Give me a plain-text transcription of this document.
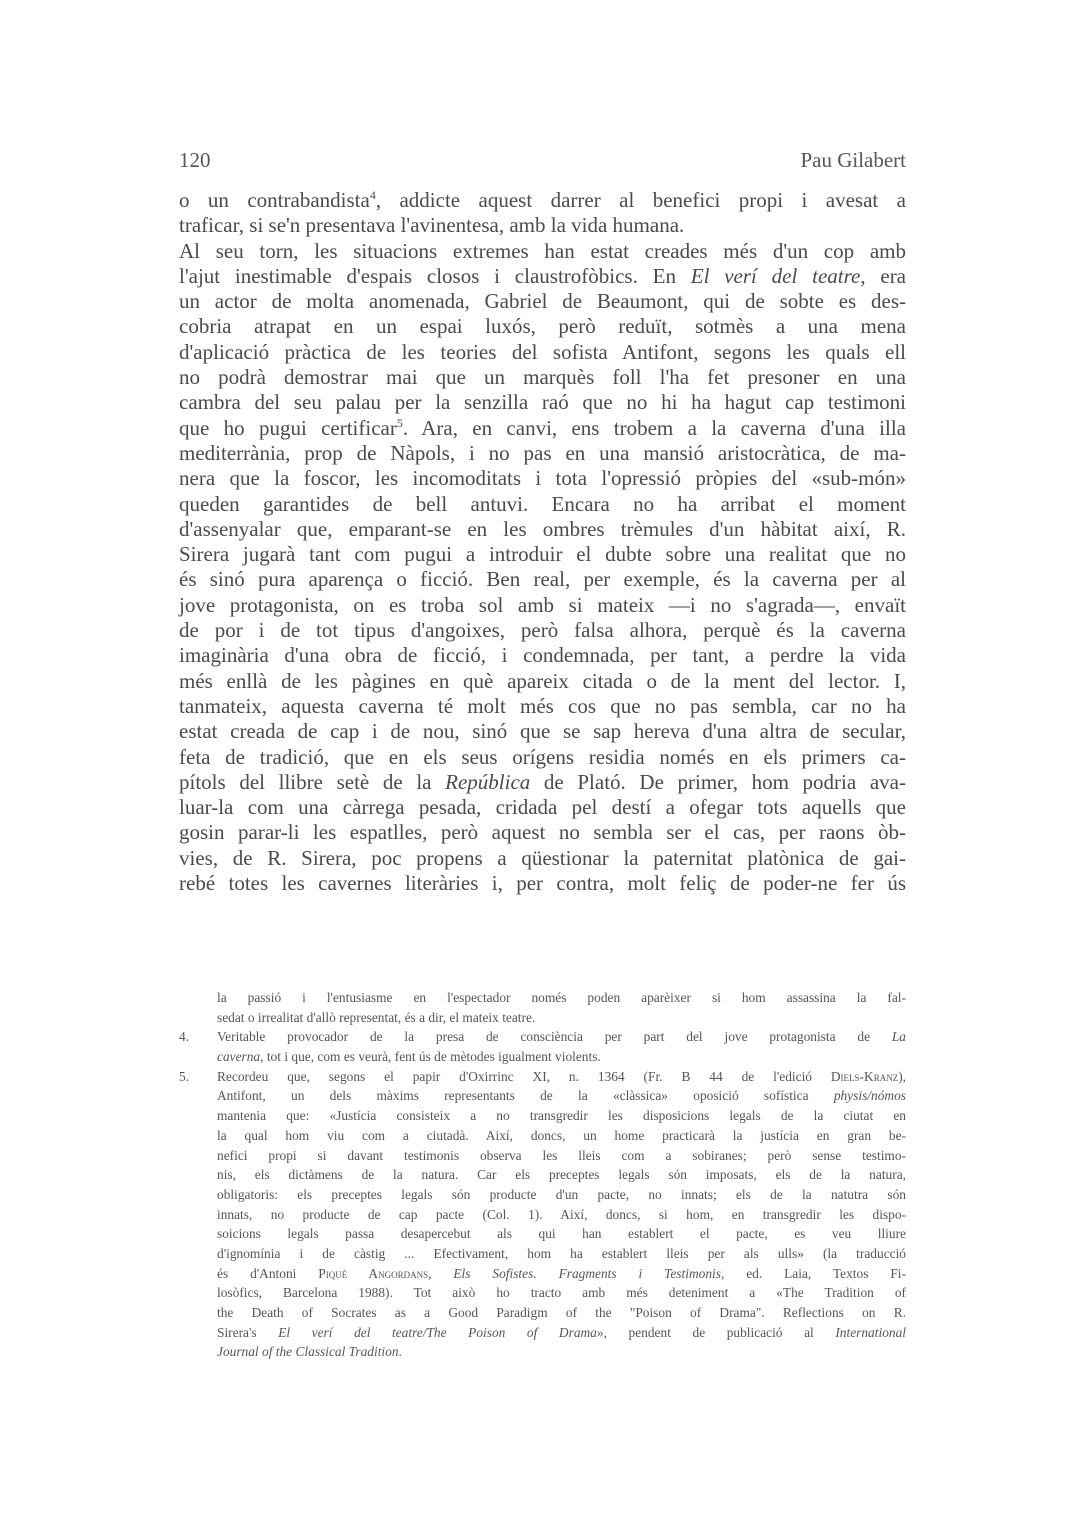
120	Pau Gilabert
o un contrabandista$^4$, addicte aquest darrer al benefici propi i avesat a
traficar, si se'n presentava l'avinentesa, amb la vida humana.
Al seu torn, les situacions extremes han estat creades més d'un cop amb
l'ajut inestimable d'espais closos i claustrofòbics. En El verí del teatre, era
un actor de molta anomenada, Gabriel de Beaumont, qui de sobte es des-
cobria atrapat en un espai luxós, però reduït, sotmès a una mena
d'aplicació pràctica de les teories del sofista Antifont, segons les quals ell
no podrà demostrar mai que un marquès foll l'ha fet presoner en una
cambra del seu palau per la senzilla raó que no hi ha hagut cap testimoni
que ho pugui certificar$^5$. Ara, en canvi, ens trobem a la caverna d'una illa
mediterrània, prop de Nàpols, i no pas en una mansió aristocràtica, de ma-
nera que la foscor, les incomoditats i tota l'opressió pròpies del «sub-món»
queden garantides de bell antuvi. Encara no ha arribat el moment
d'assenyalar que, emparant-se en les ombres trèmules d'un hàbitat així, R.
Sirera jugarà tant com pugui a introduir el dubte sobre una realitat que no
és sinó pura aparença o ficció. Ben real, per exemple, és la caverna per al
jove protagonista, on es troba sol amb si mateix —i no s'agrada—, envaït
de por i de tot tipus d'angoixes, però falsa alhora, perquè és la caverna
imaginària d'una obra de ficció, i condemnada, per tant, a perdre la vida
més enllà de les pàgines en què apareix citada o de la ment del lector. I,
tanmateix, aquesta caverna té molt més cos que no pas sembla, car no ha
estat creada de cap i de nou, sinó que se sap hereva d'una altra de secular,
feta de tradició, que en els seus orígens residia només en els primers ca-
pítols del llibre setè de la República de Plató. De primer, hom podria ava-
luar-la com una càrrega pesada, cridada pel destí a ofegar tots aquells que
gosin parar-li les espatlles, però aquest no sembla ser el cas, per raons òb-
vies, de R. Sirera, poc propens a qüestionar la paternitat platònica de gai-
rebé totes les cavernes literàries i, per contra, molt feliç de poder-ne fer ús
la passió i l'entusiasme en l'espectador només poden aparèixer si hom assassina la fal-
sedat o irrealitat d'allò representat, és a dir, el mateix teatre.
4. Veritable provocador de la presa de consciència per part del jove protagonista de La
caverna, tot i que, com es veurà, fent ús de mètodes igualment violents.
5. Recordeu que, segons el papir d'Oxirrinc XI, n. 1364 (Fr. B 44 de l'edició Diels-Kranz),
Antifont, un dels màxims representants de la «clàssica» oposició sofística physis/nómos
mantenia que: «Justícia consisteix a no transgredir les disposicions legals de la ciutat en
la qual hom viu com a ciutadà. Així, doncs, un home practicarà la justícia en gran be-
nefici propi si davant testimonis observa les lleis com a sobiranes; però sense testimo-
nis, els dictàmens de la natura. Car els preceptes legals són imposats, els de la natura,
obligatoris: els preceptes legals són producte d'un pacte, no innats; els de la natutra són
innats, no producte de cap pacte (Col. 1). Així, doncs, si hom, en transgredir les dispo-
soicions legals passa desapercebut als qui han establert el pacte, es veu lliure
d'ignomínia i de càstig ... Efectivament, hom ha establert lleis per als ulls» (la traducció
és d'Antoni Piqué Angordans, Els Sofistes. Fragments i Testimonis, ed. Laia, Textos Fi-
losòfics, Barcelona 1988). Tot això ho tracto amb més deteniment a «The Tradition of
the Death of Socrates as a Good Paradigm of the "Poison of Drama". Reflections on R.
Sirera's El verí del teatre/The Poison of Drama», pendent de publicació al International
Journal of the Classical Tradition.
